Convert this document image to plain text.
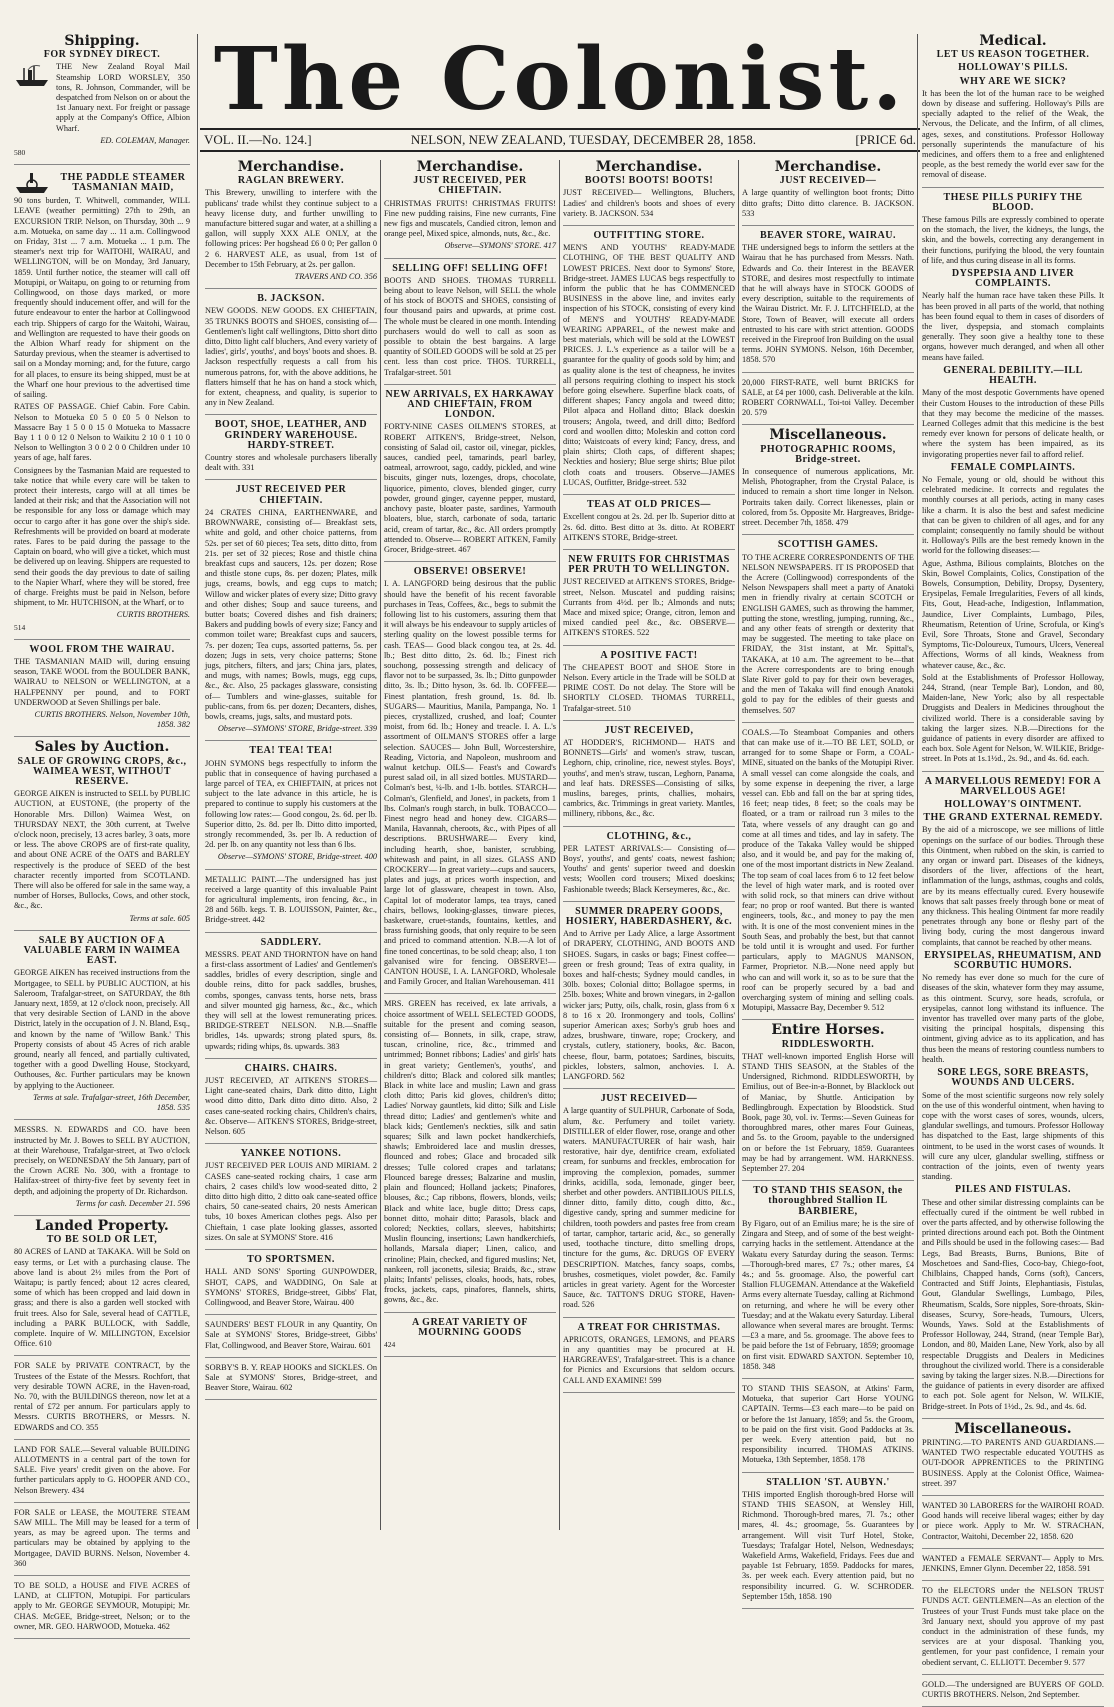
The Colonist.
VOL. II.—No. 124.]	NELSON, NEW ZEALAND, TUESDAY, DECEMBER 28, 1858.	[PRICE 6d.
Shipping.
FOR SYDNEY DIRECT.

THE New Zealand Royal Mail Steamship LORD WORSLEY, 350 tons, R. Johnson, Commander, will be despatched from Nelson on or about the 1st January next. For freight or passage apply at the Company's Office, Albion Wharf.

ED. COLEMAN, Manager.

580

THE PADDLE STEAMER TASMANIAN MAID,

90 tons burden, T. Whitwell, commander, WILL LEAVE (weather permitting) 27th to 29th, an EXCURSION TRIP. Nelson, on Thursday, 30th ... 9 a.m. Motueka, on same day ... 11 a.m. Collingwood on Friday, 31st ... 7 a.m. Motueka ... 1 p.m. The steamer's next trip for WAITOHI, WAIRAU, and WELLINGTON, will be on Monday, 3rd January, 1859. Until further notice, the steamer will call off Motupipi, or Waitapu, on going to or returning from Collingwood, on those days marked, or more frequently should inducement offer, and will for the future endeavour to enter the harbor at Collingwood each trip. Shippers of cargo for the Waitohi, Wairau, and Wellington are requested to have their goods on the Albion Wharf ready for shipment on the Saturday previous, when the steamer is advertised to sail on a Monday morning; and, for the future, cargo for all places, to ensure its being shipped, must be at the Wharf one hour previous to the advertised time of sailing.

RATES OF PASSAGE. Chief Cabin. Fore Cabin. Nelson to Motueka £0 5 0 £0 5 0 Nelson to Massacre Bay 1 5 0 0 15 0 Motueka to Massacre Bay 1 1 0 0 12 0 Nelson to Waikitu 2 10 0 1 10 0 Nelson to Wellington 3 0 0 2 0 0 Children under 10 years of age, half fares.

Consignees by the Tasmanian Maid are requested to take notice that while every care will be taken to protect their interests, cargo will at all times be landed at their risk; and that the Association will not be responsible for any loss or damage which may occur to cargo after it has gone over the ship's side. Refreshments will be provided on board at moderate rates. Fares to be paid during the passage to the Captain on board, who will give a ticket, which must be delivered up on leaving. Shippers are requested to send their goods the day previous to date of sailing to the Napier Wharf, where they will be stored, free of charge. Freights must be paid in Nelson, before shipment, to Mr. HUTCHISON, at the Wharf, or to

CURTIS BROTHERS.

514

WOOL FROM THE WAIRAU.

THE TASMANIAN MAID will, during ensuing season, TAKE WOOL from the BOULDER BANK, WAIRAU to NELSON or WELLINGTON, at a HALFPENNY per pound, and to FORT UNDERWOOD at Seven Shillings per bale.

CURTIS BROTHERS. Nelson, November 10th, 1858. 382

Sales by Auction.
SALE OF GROWING CROPS, &c., WAIMEA WEST, WITHOUT RESERVE.

GEORGE AIKEN is instructed to SELL by PUBLIC AUCTION, at EUSTONE, (the property of the Honorable Mrs. Dillon) Waimea West, on THURSDAY NEXT, the 30th current, at Twelve o'clock noon, precisely, 13 acres barley, 3 oats, more or less. The above CROPS are of first-rate quality, and about ONE ACRE of the OATS and BARLEY respectively is the produce of SEED of the best character recently imported from SCOTLAND. There will also be offered for sale in the same way, a number of Horses, Bullocks, Cows, and other stock, &c., &c.

Terms at sale. 605

SALE BY AUCTION OF A VALUABLE FARM IN WAIMEA EAST.

GEORGE AIKEN has received instructions from the Mortgagee, to SELL by PUBLIC AUCTION, at his Saleroom, Trafalgar-street, on SATURDAY, the 8th January next, 1859, at 12 o'clock noon, precisely. All that very desirable Section of LAND in the above District, lately in the occupation of J. N. Bland, Esq., and known by the name of 'Willow Bank.' This Property consists of about 45 Acres of rich arable ground, nearly all fenced, and partially cultivated, together with a good Dwelling House, Stockyard, Outhouses, &c. Further particulars may be known by applying to the Auctioneer.

Terms at sale. Trafalgar-street, 16th December, 1858. 535

MESSRS. N. EDWARDS and CO. have been instructed by Mr. J. Bowes to SELL BY AUCTION, at their Warehouse, Trafalgar-street, at Two o'clock precisely, on WEDNESDAY the 5th January, part of the Crown ACRE No. 300, with a frontage to Halifax-street of thirty-five feet by seventy feet in depth, and adjoining the property of Dr. Richardson.

Terms for cash. December 21. 596

Landed Property.
TO BE SOLD OR LET,

80 ACRES of LAND at TAKAKA. Will be Sold on easy terms, or Let with a purchasing clause. The above land is about 2½ miles from the Port of Waitapu; is partly fenced; about 12 acres cleared, some of which has been cropped and laid down in grass; and there is also a garden well stocked with fruit trees. Also for Sale, several head of CATTLE, including a PARK BULLOCK, with Saddle, complete. Inquire of W. MILLINGTON, Excelsior Office. 610

FOR SALE by PRIVATE CONTRACT, by the Trustees of the Estate of the Messrs. Rochfort, that very desirable TOWN ACRE, in the Haven-road, No. 70, with the BUILDINGS thereon, now let at a rental of £72 per annum. For particulars apply to Messrs. CURTIS BROTHERS, or Messrs. N. EDWARDS and CO. 355

LAND FOR SALE.—Several valuable BUILDING ALLOTMENTS in a central part of the town for SALE. Five years' credit given on the above. For further particulars apply to G. HOOPER AND CO., Nelson Brewery. 434

FOR SALE or LEASE, the MOUTERE STEAM SAW MILL. The Mill may be leased for a term of years, as may be agreed upon. The terms and particulars may be obtained by applying to the Mortgagee, DAVID BURNS. Nelson, November 4. 360

TO BE SOLD, a HOUSE and FIVE ACRES of LAND, at CLIFTON, Motupipi. For particulars apply to Mr. GEORGE SEYMOUR, Motupipi; Mr. CHAS. McGEE, Bridge-street, Nelson; or to the owner, MR. GEO. HARWOOD, Motueka. 462

Merchandise.
RAGLAN BREWERY.

This Brewery, unwilling to interfere with the publicans' trade whilst they continue subject to a heavy license duty, and further unwilling to manufacture bittered sugar and water, at a shilling a gallon, will supply XXX ALE ONLY, at the following prices: Per hogshead £6 0 0; Per gallon 0 2 6. HARVEST ALE, as usual, from 1st of December to 15th February, at 2s. per gallon.

TRAVERS AND CO. 356

B. JACKSON.

NEW GOODS. NEW GOODS. EX CHIEFTAIN, 35 TRUNKS BOOTS and SHOES, consisting of— Gentlemen's light calf wellingtons, Ditto short ditto ditto, Ditto light calf bluchers, And every variety of ladies', girls', youths', and boys' boots and shoes. B. Jackson respectfully requests a call from his numerous patrons, for, with the above additions, he flatters himself that he has on hand a stock which, for extent, cheapness, and quality, is superior to any in New Zealand.

BOOT, SHOE, LEATHER, AND GRINDERY WAREHOUSE. HARDY-STREET.

Country stores and wholesale purchasers liberally dealt with. 331

JUST RECEIVED PER CHIEFTAIN.

24 CRATES CHINA, EARTHENWARE, and BROWNWARE, consisting of— Breakfast sets, white and gold, and other choice patterns, from 52s. per set of 60 pieces; Tea sets, ditto ditto, from 21s. per set of 32 pieces; Rose and thistle china breakfast cups and saucers, 12s. per dozen; Rose and thistle stone cups, 8s. per dozen; Plates, milk jugs, creams, bowls, and egg cups to match; Willow and wicker plates of every size; Ditto gravy and other dishes; Soup and sauce tureens, and butter boats; Covered dishes and fish drainers; Bakers and pudding bowls of every size; Fancy and common toilet ware; Breakfast cups and saucers, 7s. per dozen; Tea cups, assorted patterns, 5s. per dozen; Jugs in sets, very choice patterns; Stone jugs, pitchers, filters, and jars; China jars, plates, and mugs, with names; Bowls, mugs, egg cups, &c., &c. Also, 25 packages glassware, consisting of— Tumblers and wine-glasses, suitable for public-cans, from 6s. per dozen; Decanters, dishes, bowls, creams, jugs, salts, and mustard pots.

Observe—SYMONS' STORE, Bridge-street. 339

TEA! TEA! TEA!

JOHN SYMONS begs respectfully to inform the public that in consequence of having purchased a large parcel of TEA, ex CHIEFTAIN, at prices not subject to the late advance in this article, he is prepared to continue to supply his customers at the following low rates:— Good congou, 2s. 6d. per lb. Superior ditto, 2s. 8d. per lb. Ditto ditto imported, strongly recommended, 3s. per lb. A reduction of 2d. per lb. on any quantity not less than 6 lbs.

Observe—SYMONS' STORE, Bridge-street. 400

METALLIC PAINT.—The undersigned has just received a large quantity of this invaluable Paint for agricultural implements, iron fencing, &c., in 28 and 56lb. kegs. T. B. LOUISSON, Painter, &c., Bridge-street. 442

SADDLERY.

MESSRS. PEAT AND THORNTON have on hand a first-class assortment of Ladies' and Gentlemen's saddles, bridles of every description, single and double reins, ditto for pack saddles, brushes, combs, sponges, canvass tents, horse nets, brass and silver mounted gig harness, &c., &c., which they will sell at the lowest remunerating prices. BRIDGE-STREET NELSON. N.B.—Snaffle bridles, 14s. upwards; strong plated spurs, 8s. upwards; riding whips, 8s. upwards. 383

CHAIRS. CHAIRS.

JUST RECEIVED, AT AITKEN'S STORES— Light cane-seated chairs, Dark ditto ditto, Light wood ditto ditto, Dark ditto ditto ditto. Also, 2 cases cane-seated rocking chairs, Children's chairs, &c. Observe— AITKEN'S STORES, Bridge-street, Nelson. 605

YANKEE NOTIONS.

JUST RECEIVED PER LOUIS AND MIRIAM. 2 CASES cane-seated rocking chairs, 1 case arm chairs, 2 cases child's low wood-seated ditto, 2 ditto ditto high ditto, 2 ditto oak cane-seated office chairs, 50 cane-seated chairs, 20 nests American tubs, 10 boxes American clothes pegs. Also per Chieftain, 1 case plate looking glasses, assorted sizes. On sale at SYMONS' Store. 416

TO SPORTSMEN.

HALL AND SONS' Sporting GUNPOWDER, SHOT, CAPS, and WADDING, On Sale at SYMONS' STORES, Bridge-street, Gibbs' Flat, Collingwood, and Beaver Store, Wairau. 400

SAUNDERS' BEST FLOUR in any Quantity, On Sale at SYMONS' Stores, Bridge-street, Gibbs' Flat, Collingwood, and Beaver Store, Wairau. 601

SORBY'S B. Y. REAP HOOKS and SICKLES. On Sale at SYMONS' Stores, Bridge-street, and Beaver Store, Wairau. 602

Merchandise.
JUST RECEIVED, PER CHIEFTAIN.

CHRISTMAS FRUITS! CHRISTMAS FRUITS! Fine new pudding raisins, Fine new currants, Fine new figs and muscatels, Candied citron, lemon and orange peel, Mixed spice, almonds, nuts, &c., &c.

Observe—SYMONS' STORE. 417

SELLING OFF! SELLING OFF!

BOOTS AND SHOES. THOMAS TURRELL being about to leave Nelson, will SELL the whole of his stock of BOOTS and SHOES, consisting of four thousand pairs and upwards, at prime cost. The whole must be cleared in one month. Intending purchasers would do well to call as soon as possible to obtain the best bargains. A large quantity of SOILED GOODS will be sold at 25 per cent. less than cost price. THOS. TURRELL, Trafalgar-street. 501

NEW ARRIVALS, EX HARKAWAY AND CHIEFTAIN, FROM LONDON.

FORTY-NINE CASES OILMEN'S STORES, at ROBERT AITKEN'S, Bridge-street, Nelson, consisting of Salad oil, castor oil, vinegar, pickles, sauces, candied peel, tamarinds, pearl barley, oatmeal, arrowroot, sago, caddy, pickled, and wine biscuits, ginger nuts, lozenges, drops, chocolate, liquorice, pimento, cloves, blended ginger, curry powder, ground ginger, cayenne pepper, mustard, anchovy paste, bloater paste, sardines, Yarmouth bloaters, blue, starch, carbonate of soda, tartaric acid, cream of tartar, &c., &c. All orders promptly attended to. Observe— ROBERT AITKEN, Family Grocer, Bridge-street. 467

OBSERVE! OBSERVE!

I. A. LANGFORD being desirous that the public should have the benefit of his recent favorable purchases in Teas, Coffees, &c., begs to submit the following list to his customers, assuring them that it will always be his endeavour to supply articles of sterling quality on the lowest possible terms for cash. TEAS— Good black congou tea, at 2s. 4d. lb.; Best ditto ditto, 2s. 6d. lb.; Finest rich souchong, possessing strength and delicacy of flavor not to be surpassed, 3s. lb.; Ditto gunpowder ditto, 3s. lb.; Ditto hyson, 3s. 6d. lb. COFFEE— Finest plantation, fresh ground, 1s. 8d. lb. SUGARS— Mauritius, Manila, Pampanga, No. 1 pieces, crystallized, crushed, and loaf; Counter moist, from 6d. lb.; Honey and treacle. I. A. L.'s assortment of OILMAN'S STORES offer a large selection. SAUCES— John Bull, Worcestershire, Reading, Victoria, and Napoleon, mushroom and walnut ketchup. OILS— Feast's and Coward's purest salad oil, in all sized bottles. MUSTARD— Colman's best, ¼-lb. and 1-lb. bottles. STARCH— Colman's, Glenfield, and Jones', in packets, from 1 lbs. Colman's rough starch, in bulk. TOBACCO— Finest negro head and honey dew. CIGARS— Manila, Havannah, cheroots, &c., with Pipes of all descriptions. BRUSHWARE— Every kind, including hearth, shoe, banister, scrubbing, whitewash and paint, in all sizes. GLASS AND CROCKERY— In great variety—cups and saucers, plates and jugs, at prices worth inspection, and large lot of glassware, cheapest in town. Also, Capital lot of moderator lamps, tea trays, caned chairs, bellows, looking-glasses, tinware pieces, basketware, cruet-stands, fountains, kettles, and brass furnishing goods, that only require to be seen and priced to command attention. N.B.—A lot of fine toned concertinas, to be sold cheap; also, 1 ton galvanised wire for fencing. OBSERVE!—CANTON HOUSE, I. A. LANGFORD, Wholesale and Family Grocer, and Italian Warehouseman. 411

MRS. GREEN has received, ex late arrivals, a choice assortment of WELL SELECTED GOODS, suitable for the present and coming season, consisting of— Bonnets, in silk, crape, straw, tuscan, crinoline, rice, &c., trimmed and untrimmed; Bonnet ribbons; Ladies' and girls' hats in great variety; Gentlemen's, youths', and children's ditto; Black and colored silk mantles; Black in white lace and muslin; Lawn and grass cloth ditto; Paris kid gloves, children's ditto; Ladies' Norway gauntlets, kid ditto; Silk and Lisle thread ditto; Ladies' and gentlemen's white and black kids; Gentlemen's neckties, silk and satin squares; Silk and lawn pocket handkerchiefs, shawls; Embroidered lace and muslin dresses, flounced and robes; Glace and brocaded silk dresses; Tulle colored crapes and tarlatans; Flounced barege dresses; Balzarine and muslin, plain and flounced; Holland jackets; Pinafores, blouses, &c.; Cap ribbons, flowers, blonds, veils; Black and white lace, bugle ditto; Dress caps, bonnet ditto, mohair ditto; Parasols, black and colored; Neckties, collars, sleeves, habitshirts; Muslin flouncing, insertions; Lawn handkerchiefs, hollands, Marsala diaper; Linen, calico, and crinoline; Plain, checked, and figured muslins; Net, nankeen, roll jaconetts, silesia; Braids, &c., straw plaits; Infants' pelisses, cloaks, hoods, hats, robes, frocks, jackets, caps, pinafores, flannels, shirts, gowns, &c., &c.

A GREAT VARIETY OF MOURNING GOODS

424

Merchandise.
BOOTS! BOOTS! BOOTS!

JUST RECEIVED— Wellingtons, Bluchers, Ladies' and children's boots and shoes of every variety. B. JACKSON. 534

OUTFITTING STORE.

MEN'S AND YOUTHS' READY-MADE CLOTHING, OF THE BEST QUALITY AND LOWEST PRICES. Next door to Symons' Store, Bridge-street. JAMES LUCAS begs respectfully to inform the public that he has COMMENCED BUSINESS in the above line, and invites early inspection of his STOCK, consisting of every kind of MEN'S and YOUTHS' READY-MADE WEARING APPAREL, of the newest make and best materials, which will be sold at the LOWEST PRICES. J. L.'s experience as a tailor will be a guarantee for the quality of goods sold by him; and as quality alone is the test of cheapness, he invites all persons requiring clothing to inspect his stock before going elsewhere. Superfine black coats, of different shapes; Fancy angola and tweed ditto; Pilot alpaca and Holland ditto; Black doeskin trousers; Angola, tweed, and drill ditto; Bedford cord and woollen ditto; Moleskin and cotton cord ditto; Waistcoats of every kind; Fancy, dress, and plain shirts; Cloth caps, of different shapes; Neckties and hosiery; Blue serge shirts; Blue pilot cloth coats and trousers. Observe—JAMES LUCAS, Outfitter, Bridge-street. 532

TEAS AT OLD PRICES—

Excellent congou at 2s. 2d. per lb. Superior ditto at 2s. 6d. ditto. Best ditto at 3s. ditto. At ROBERT AITKEN'S STORE, Bridge-street.

NEW FRUITS FOR CHRISTMAS PER PRUTH TO WELLINGTON.

JUST RECEIVED at AITKEN'S STORES, Bridge-street, Nelson. Muscatel and pudding raisins; Currants from 4½d. per lb.; Almonds and nuts; Mace and mixed spice; Orange, citron, lemon and mixed candied peel &c., &c. OBSERVE—AITKEN'S STORES. 522

A POSITIVE FACT!

The CHEAPEST BOOT and SHOE Store in Nelson. Every article in the Trade will be SOLD at PRIME COST. Do not delay. The Store will be SHORTLY CLOSED. THOMAS TURRELL, Trafalgar-street. 510

JUST RECEIVED,

AT HODDER'S, RICHMOND— HATS and BONNETS—Girls' and women's straw, tuscan, Leghorn, chip, crinoline, rice, newest styles. Boys', youths', and men's straw, tuscan, Leghorn, Panama, and leaf hats. DRESSES—Consisting of silks, muslins, bareges, prints, challies, mohairs, cambrics, &c. Trimmings in great variety. Mantles, millinery, ribbons, &c., &c.

CLOTHING, &c.,

PER LATEST ARRIVALS:— Consisting of— Boys', youths', and gents' coats, newest fashion; Youths' and gents' superior tweed and doeskin vests; Woollen cord trousers; Mixed doeskins; Fashionable tweeds; Black Kerseymeres, &c., &c.

SUMMER DRAPERY GOODS, HOSIERY, HABERDASHERY, &c.

And to Arrive per Lady Alice, a large Assortment of DRAPERY, CLOTHING, AND BOOTS AND SHOES. Sugars, in casks or bags; Finest coffee—green or fresh ground; Teas of extra quality, in boxes and half-chests; Sydney mould candles, in 30lb. boxes; Colonial ditto; Bollagoe sperms, in 25lb. boxes; White and brown vinegars, in 2-gallon wicker jars; Putty, oils, chalk, rosin, glass from 6 x 8 to 16 x 20. Ironmongery and tools, Collins' superior American axes; Sorby's grub hoes and adzes, brushware, tinware, rope; Crockery, and crystals, cutlery, stationery, books, &c. Bacon, cheese, flour, barm, potatoes; Sardines, biscuits, pickles, lobsters, salmon, anchovies. I. A. LANGFORD. 562

JUST RECEIVED—

A large quantity of SULPHUR, Carbonate of Soda, alum, &c. Perfumery and toilet variety. DISTILLER of elder flower, rose, orange and other waters. MANUFACTURER of hair wash, hair restorative, hair dye, dentifrice cream, exfoliated cream, for sunburns and freckles, embrocation for improving the complexion, pomades, summer drinks, acidilla, soda, lemonade, ginger beer, sherbet and other powders. ANTIBILIOUS PILLS, dinner ditto, family ditto, cough ditto, &c., digestive candy, spring and summer medicine for children, tooth powders and pastes free from cream of tartar, camphor, tartaric acid, &c., so generally used, toothache tincture, ditto smelling drops, tincture for the gums, &c. DRUGS OF EVERY DESCRIPTION. Matches, fancy soaps, combs, brushes, cosmetiques, violet powder, &c. Family articles in great variety. Agent for the Worcester Sauce, &c. TATTON'S DRUG STORE, Haven-road. 526

A TREAT FOR CHRISTMAS.

APRICOTS, ORANGES, LEMONS, and PEARS in any quantities may be procured at H. HARGREAVES', Trafalgar-street. This is a chance for Picnics and Excursions that seldom occurs. CALL AND EXAMINE! 599

Merchandise.
JUST RECEIVED—

A large quantity of wellington boot fronts; Ditto ditto grafts; Ditto ditto clarence. B. JACKSON. 533

BEAVER STORE, WAIRAU.

THE undersigned begs to inform the settlers at the Wairau that he has purchased from Messrs. Nath. Edwards and Co. their Interest in the BEAVER STORE, and desires most respectfully to intimate that he will always have in STOCK GOODS of every description, suitable to the requirements of the Wairau District. Mr. F. J. LITCHFIELD, at the Store, Town of Beaver, will execute all orders entrusted to his care with strict attention. GOODS received in the Fireproof Iron Building on the usual terms. JOHN SYMONS. Nelson, 16th December, 1858. 570

20,000 FIRST-RATE, well burnt BRICKS for SALE, at £4 per 1000, cash. Deliverable at the kiln. ROBERT CORNWALL, Toi-toi Valley. December 20. 579

Miscellaneous.
PHOTOGRAPHIC ROOMS, Bridge-street.

In consequence of numerous applications, Mr. Melish, Photographer, from the Crystal Palace, is induced to remain a short time longer in Nelson. Portraits taken daily. Correct likenesses, plain or colored, from 5s. Opposite Mr. Hargreaves, Bridge-street. December 7th, 1858. 479

SCOTTISH GAMES.

TO THE ACRERE CORRESPONDENTS OF THE NELSON NEWSPAPERS. IT IS PROPOSED that the Acrere (Collingwood) correspondents of the Nelson Newspapers shall meet a party of Anatoki men in friendly rivalry at certain SCOTCH or ENGLISH GAMES, such as throwing the hammer, putting the stone, wrestling, jumping, running, &c., and any other feats of strength or dexterity that may be suggested. The meeting to take place on FRIDAY, the 31st instant, at Mr. Spittal's, TAKAKA, at 10 a.m. The agreement to be—that the Acrere correspondents are to bring enough Slate River gold to pay for their own beverages, and the men of Takaka will find enough Anatoki gold to pay for the edibles of their guests and themselves. 507

COALS.—To Steamboat Companies and others that can make use of it.—TO BE LET, SOLD, or arranged for to some Shape or Form, a COAL-MINE, situated on the banks of the Motupipi River. A small vessel can come alongside the coals, and by some expense in deepening the river, a large vessel can. Ebb and fall on the bar at spring tides, 16 feet; neap tides, 8 feet; so the coals may be floated, or a tram or railroad run 3 miles to the Tata, where vessels of any draught can go and come at all times and tides, and lay in safety. The produce of the Takaka Valley would be shipped also, and it would be, and pay for the making of, one of the most important districts in New Zealand. The top seam of coal laces from 6 to 12 feet below the level of high water mark, and is rooted over with solid rock, so that miners can drive without fear; no prop or roof wanted. But there is wanted engineers, tools, &c., and money to pay the men with. It is one of the most convenient mines in the South Seas, and probably the best, but that cannot be told until it is wrought and used. For further particulars, apply to MAGNUS MANSON, Farmer, Proprietor. N.B.—None need apply but who can and will work it, so as to be sure that the roof can be properly secured by a bad and overcharging system of mining and selling coals. Motupipi, Massacre Bay, December 9. 512

Entire Horses.
RIDDLESWORTH.

THAT well-known imported English Horse will STAND THIS SEASON, at the Stables of the Undersigned, Richmond. RIDDLESWORTH, by Emilius, out of Bee-in-a-Bonnet, by Blacklock out of Maniac, by Shuttle. Anticipation by Bedlingbrough. Expectation by Bloodstick. Stud Book, page 30, vol. iv. Terms:—Seven Guineas for thoroughbred mares, other mares Four Guineas, and 5s. to the Groom, payable to the undersigned on or before the 1st February, 1859. Guarantees may be had by arrangement. WM. HARKNESS. September 27. 204

TO STAND THIS SEASON, the thoroughbred Stallion IL BARBIERE,

By Figaro, out of an Emilius mare; he is the sire of Zingara and Steep, and of some of the best weight-carrying hacks in the settlement. Attendance at the Wakatu every Saturday during the season. Terms:—Thorough-bred mares, £7 7s.; other mares, £4 4s.; and 5s. groomage. Also, the powerful cart Stallion FLUGEMAN. Attendance at the Wakefield Arms every alternate Tuesday, calling at Richmond on returning, and where he will be every other Tuesday; and at the Wakatu every Saturday. Liberal allowance when several mares are brought. Terms:—£3 a mare, and 5s. groomage. The above fees to be paid before the 1st of February, 1859; groomage on first visit. EDWARD SAXTON. September 10, 1858. 348

TO STAND THIS SEASON, at Atkins' Farm, Motueka, that superior Cart Horse YOUNG CAPTAIN. Terms—£3 each mare—to be paid on or before the 1st January, 1859; and 5s. the Groom, to be paid on the first visit. Good Paddocks at 3s. per week. Every attention paid, but no responsibility incurred. THOMAS ATKINS. Motueka, 13th September, 1858. 178

STALLION 'ST. AUBYN.'

THIS imported English thorough-bred Horse will STAND THIS SEASON, at Wensley Hill, Richmond. Thorough-bred mares, 7l. 7s.; other mares, 4l. 4s.; groomage, 5s. Guarantees by arrangement. Will visit Turf Hotel, Stoke, Tuesdays; Trafalgar Hotel, Nelson, Wednesdays; Wakefield Arms, Wakefield, Fridays. Fees due and payable 1st February, 1859. Paddocks for mares, 3s. per week each. Every attention paid, but no responsibility incurred. G. W. SCHRODER. September 15th, 1858. 190

Medical.
LET US REASON TOGETHER.
HOLLOWAY'S PILLS.
WHY ARE WE SICK?

It has been the lot of the human race to be weighed down by disease and suffering. Holloway's Pills are specially adapted to the relief of the Weak, the Nervous, the Delicate, and the Infirm, of all climes, ages, sexes, and constitutions. Professor Holloway personally superintends the manufacture of his medicines, and offers them to a free and enlightened people, as the best remedy the world ever saw for the removal of disease.

THESE PILLS PURIFY THE BLOOD.

These famous Pills are expressly combined to operate on the stomach, the liver, the kidneys, the lungs, the skin, and the bowels, correcting any derangement in their functions, purifying the blood, the very fountain of life, and thus curing disease in all its forms.

DYSPEPSIA AND LIVER COMPLAINTS.

Nearly half the human race have taken these Pills. It has been proved in all parts of the world, that nothing has been found equal to them in cases of disorders of the liver, dyspepsia, and stomach complaints generally. They soon give a healthy tone to these organs, however much deranged, and when all other means have failed.

GENERAL DEBILITY.—ILL HEALTH.

Many of the most despotic Governments have opened their Custom Houses to the introduction of these Pills that they may become the medicine of the masses. Learned Colleges admit that this medicine is the best remedy ever known for persons of delicate health, or where the system has been impaired, as its invigorating properties never fail to afford relief.

FEMALE COMPLAINTS.

No Female, young or old, should be without this celebrated medicine. It corrects and regulates the monthly courses at all periods, acting in many cases like a charm. It is also the best and safest medicine that can be given to children of all ages, and for any complaint; consequently no family should be without it. Holloway's Pills are the best remedy known in the world for the following diseases:—

Ague, Asthma, Bilious complaints, Blotches on the Skin, Bowel Complaints, Colics, Constipation of the Bowels, Consumption, Debility, Dropsy, Dysentery, Erysipelas, Female Irregularities, Fevers of all kinds, Fits, Gout, Head-ache, Indigestion, Inflammation, Jaundice, Liver Complaints, Lumbago, Piles, Rheumatism, Retention of Urine, Scrofula, or King's Evil, Sore Throats, Stone and Gravel, Secondary Symptoms, Tic-Doloureux, Tumours, Ulcers, Venereal Affections, Worms of all kinds, Weakness from whatever cause, &c., &c.

Sold at the Establishments of Professor Holloway, 244, Strand, (near Temple Bar), London, and 80, Maiden-lane, New York; also by all respectable Druggists and Dealers in Medicines throughout the civilized world. There is a considerable saving by taking the larger sizes. N.B.—Directions for the guidance of patients in every disorder are affixed to each box. Sole Agent for Nelson, W. WILKIE, Bridge-street. In Pots at 1s.1½d., 2s. 9d., and 4s. 6d. each.

A MARVELLOUS REMEDY! FOR A MARVELLOUS AGE!
HOLLOWAY'S OINTMENT.
THE GRAND EXTERNAL REMEDY.

By the aid of a microscope, we see millions of little openings on the surface of our bodies. Through these this Ointment, when rubbed on the skin, is carried to any organ or inward part. Diseases of the kidneys, disorders of the liver, affections of the heart, inflammation of the lungs, asthmas, coughs and colds, are by its means effectually cured. Every housewife knows that salt passes freely through bone or meat of any thickness. This healing Ointment far more readily penetrates through any bone or fleshy part of the living body, curing the most dangerous inward complaints, that cannot be reached by other means.

ERYSIPELAS, RHEUMATISM, AND SCORBUTIC HUMORS.

No remedy has ever done so much for the cure of diseases of the skin, whatever form they may assume, as this ointment. Scurvy, sore heads, scrofula, or erysipelas, cannot long withstand its influence. The inventor has travelled over many parts of the globe, visiting the principal hospitals, dispensing this ointment, giving advice as to its application, and has thus been the means of restoring countless numbers to health.

SORE LEGS, SORE BREASTS, WOUNDS AND ULCERS.

Some of the most scientific surgeons now rely solely on the use of this wonderful ointment, when having to cope with the worst cases of sores, wounds, ulcers, glandular swellings, and tumours. Professor Holloway has dispatched to the East, large shipments of this ointment, to be used in the worst cases of wounds. It will cure any ulcer, glandular swelling, stiffness or contraction of the joints, even of twenty years standing.

PILES AND FISTULAS.

These and other similar distressing complaints can be effectually cured if the ointment be well rubbed in over the parts affected, and by otherwise following the printed directions around each pot. Both the Ointment and Pills should be used in the following cases:— Bad Legs, Bad Breasts, Burns, Bunions, Bite of Moschetoes and Sand-flies, Coco-bay, Chiego-foot, Chilblains, Chapped hands, Corns (soft), Cancers, Contracted and Stiff Joints, Elephantiasis, Fistulas, Gout, Glandular Swellings, Lumbago, Piles, Rheumatism, Scalds, Sore nipples, Sore-throats, Skin-diseases, Scurvy, Sore-heads, Tumours, Ulcers, Wounds, Yaws. Sold at the Establishments of Professor Holloway, 244, Strand, (near Temple Bar), London, and 80, Maiden Lane, New York, also by all respectable Druggists and Dealers in Medicines throughout the civilized world. There is a considerable saving by taking the larger sizes. N.B.—Directions for the guidance of patients in every disorder are affixed to each pot. Sole agent for Nelson, W. WILKIE, Bridge-street. In Pots of 1½d., 2s. 9d., and 4s. 6d.

Miscellaneous.

PRINTING.—TO PARENTS AND GUARDIANS.—WANTED TWO respectable educated YOUTHS as OUT-DOOR APPRENTICES to the PRINTING BUSINESS. Apply at the Colonist Office, Waimea-street. 397

WANTED 30 LABORERS for the WAIROHI ROAD. Good hands will receive liberal wages; either by day or piece work. Apply to Mr. W. STRACHAN, Contractor, Waitohi, December 22, 1858. 620

WANTED a FEMALE SERVANT— Apply to Mrs. JENKINS, Emner Glynn. December 22, 1858. 591

TO the ELECTORS under the NELSON TRUST FUNDS ACT. GENTLEMEN—As an election of the Trustees of your Trust Funds must take place on the 3rd January next, should you approve of my past conduct in the administration of these funds, my services are at your disposal. Thanking you, gentlemen, for your past confidence, I remain your obedient servant, C. ELLIOTT. December 9. 577

GOLD.—The undersigned are BUYERS OF GOLD. CURTIS BROTHERS. Nelson, 2nd September.
